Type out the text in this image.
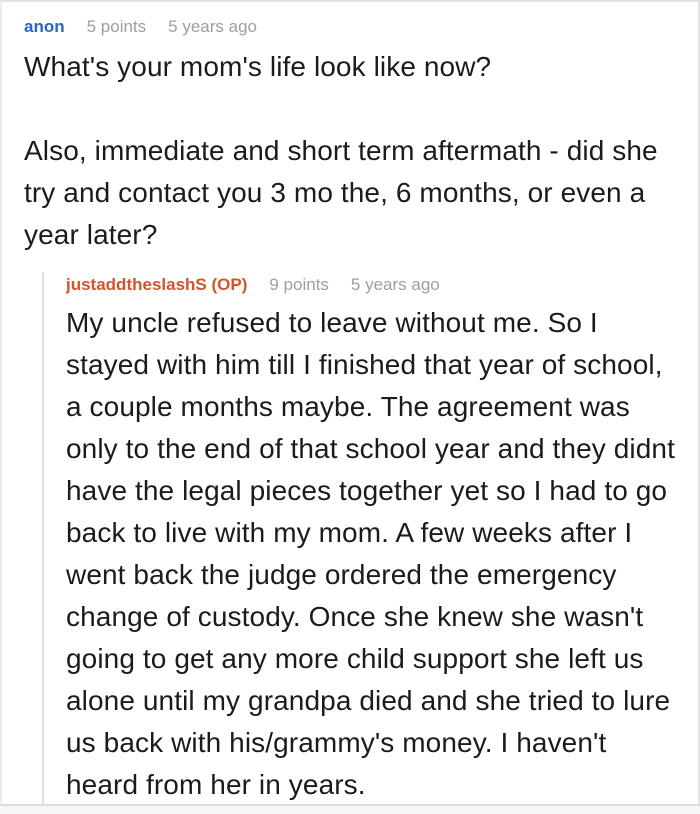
anon 5 points 5 years ago

What's your mom's life look like now?

Also, immediate and short term aftermath - did she try and contact you 3 mo the, 6 months, or even a year later?

justaddtheslashS (OP) 9 points 5 years ago

My uncle refused to leave without me. So I stayed with him till I finished that year of school, a couple months maybe. The agreement was only to the end of that school year and they didnt have the legal pieces together yet so I had to go back to live with my mom. A few weeks after I went back the judge ordered the emergency change of custody. Once she knew she wasn't going to get any more child support she left us alone until my grandpa died and she tried to lure us back with his/grammy's money. I haven't heard from her in years.
